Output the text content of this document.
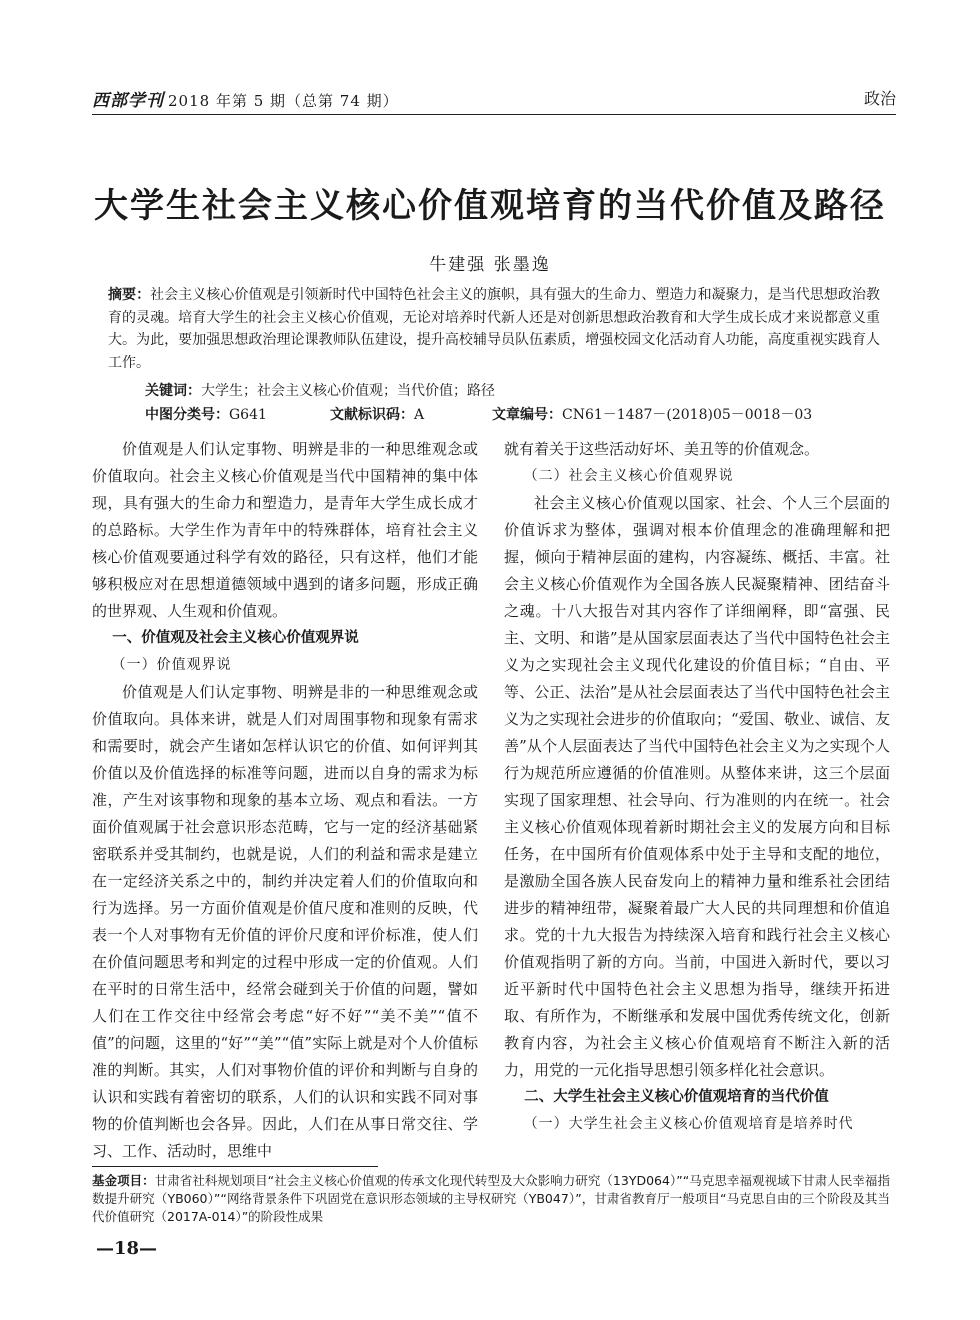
西部学刊 2018 年第 5 期（总第 74 期）	政治
大学生社会主义核心价值观培育的当代价值及路径
牛建强 张墨逸
摘要：社会主义核心价值观是引领新时代中国特色社会主义的旗帜，具有强大的生命力、塑造力和凝聚力，是当代思想政治教育的灵魂。培育大学生的社会主义核心价值观，无论对培养时代新人还是对创新思想政治教育和大学生成长成才来说都意义重大。为此，要加强思想政治理论课教师队伍建设，提升高校辅导员队伍素质，增强校园文化活动育人功能，高度重视实践育人工作。
关键词：大学生；社会主义核心价值观；当代价值；路径
中图分类号：G641	文献标识码：A	文章编号：CN61－1487－(2018)05－0018－03

价值观是人们认定事物、明辨是非的一种思维观念或价值取向。社会主义核心价值观是当代中国精神的集中体现，具有强大的生命力和塑造力，是青年大学生成长成才的总路标。大学生作为青年中的特殊群体，培育社会主义核心价值观要通过科学有效的路径，只有这样，他们才能够积极应对在思想道德领域中遇到的诸多问题，形成正确的世界观、人生观和价值观。

一、价值观及社会主义核心价值观界说
（一）价值观界说

价值观是人们认定事物、明辨是非的一种思维观念或价值取向。具体来讲，就是人们对周围事物和现象有需求和需要时，就会产生诸如怎样认识它的价值、如何评判其价值以及价值选择的标准等问题，进而以自身的需求为标准，产生对该事物和现象的基本立场、观点和看法。一方面价值观属于社会意识形态范畴，它与一定的经济基础紧密联系并受其制约，也就是说，人们的利益和需求是建立在一定经济关系之中的，制约并决定着人们的价值取向和行为选择。另一方面价值观是价值尺度和准则的反映，代表一个人对事物有无价值的评价尺度和评价标准，使人们在价值问题思考和判定的过程中形成一定的价值观。人们在平时的日常生活中，经常会碰到关于价值的问题，譬如人们在工作交往中经常会考虑“好不好”“美不美”“值不值”的问题，这里的“好”“美”“值”实际上就是对个人价值标准的判断。其实，人们对事物价值的评价和判断与自身的认识和实践有着密切的联系，人们的认识和实践不同对事物的价值判断也会各异。因此，人们在从事日常交往、学习、工作、活动时，思维中

就有着关于这些活动好坏、美丑等的价值观念。

（二）社会主义核心价值观界说

社会主义核心价值观以国家、社会、个人三个层面的价值诉求为整体，强调对根本价值理念的准确理解和把握，倾向于精神层面的建构，内容凝练、概括、丰富。社会主义核心价值观作为全国各族人民凝聚精神、团结奋斗之魂。十八大报告对其内容作了详细阐释，即“富强、民主、文明、和谐”是从国家层面表达了当代中国特色社会主义为之实现社会主义现代化建设的价值目标；“自由、平等、公正、法治”是从社会层面表达了当代中国特色社会主义为之实现社会进步的价值取向；“爱国、敬业、诚信、友善”从个人层面表达了当代中国特色社会主义为之实现个人行为规范所应遵循的价值准则。从整体来讲，这三个层面实现了国家理想、社会导向、行为准则的内在统一。社会主义核心价值观体现着新时期社会主义的发展方向和目标任务，在中国所有价值观体系中处于主导和支配的地位，是激励全国各族人民奋发向上的精神力量和维系社会团结进步的精神纽带，凝聚着最广大人民的共同理想和价值追求。党的十九大报告为持续深入培育和践行社会主义核心价值观指明了新的方向。当前，中国进入新时代，要以习近平新时代中国特色社会主义思想为指导，继续开拓进取、有所作为，不断继承和发展中国优秀传统文化，创新教育内容，为社会主义核心价值观培育不断注入新的活力，用党的一元化指导思想引领多样化社会意识。

二、大学生社会主义核心价值观培育的当代价值
（一）大学生社会主义核心价值观培育是培养时代
基金项目：甘肃省社科规划项目“社会主义核心价值观的传承文化现代转型及大众影响力研究（13YD064）”“马克思幸福观视域下甘肃人民幸福指数提升研究（YB060）”“网络背景条件下巩固党在意识形态领域的主导权研究（YB047）”，甘肃省教育厅一般项目“马克思自由的三个阶段及其当代价值研究（2017A-014）”的阶段性成果
—18—
